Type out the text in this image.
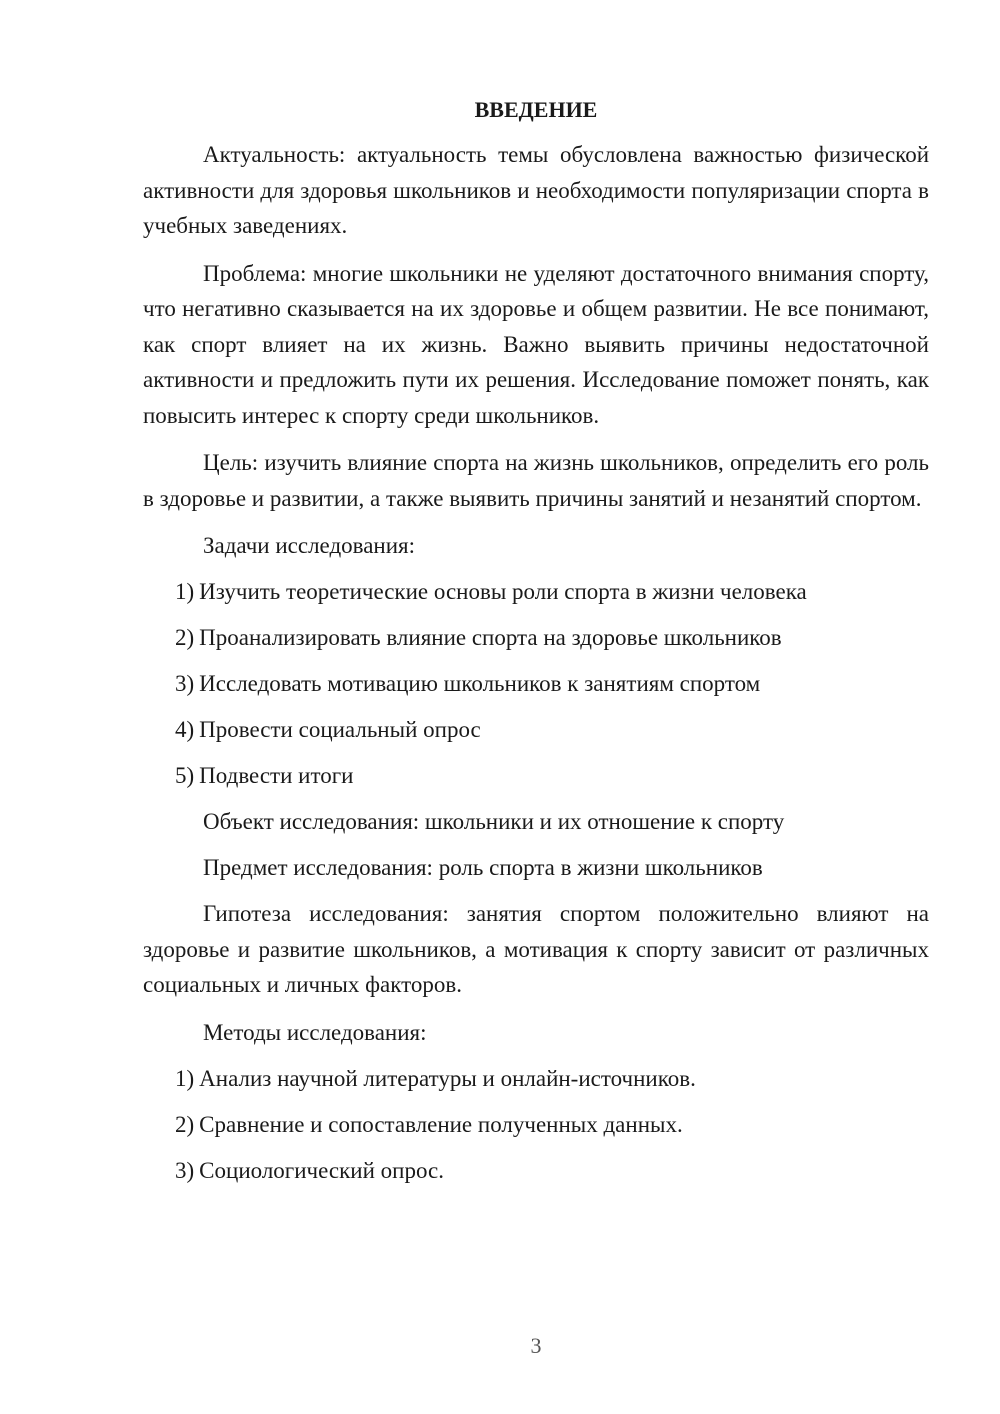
ВВЕДЕНИЕ

Актуальность: актуальность темы обусловлена важностью физической активности для здоровья школьников и необходимости популяризации спорта в учебных заведениях.

Проблема: многие школьники не уделяют достаточного внимания спорту, что негативно сказывается на их здоровье и общем развитии. Не все понимают, как спорт влияет на их жизнь. Важно выявить причины недостаточной активности и предложить пути их решения. Исследование поможет понять, как повысить интерес к спорту среди школьников.

Цель: изучить влияние спорта на жизнь школьников, определить его роль в здоровье и развитии, а также выявить причины занятий и незанятий спортом.

Задачи исследования:
1) Изучить теоретические основы роли спорта в жизни человека
2) Проанализировать влияние спорта на здоровье школьников
3) Исследовать мотивацию школьников к занятиям спортом
4) Провести социальный опрос
5) Подвести итоги
Объект исследования: школьники и их отношение к спорту
Предмет исследования: роль спорта в жизни школьников

Гипотеза исследования: занятия спортом положительно влияют на здоровье и развитие школьников, а мотивация к спорту зависит от различных социальных и личных факторов.

Методы исследования:
1) Анализ научной литературы и онлайн-источников.
2) Сравнение и сопоставление полученных данных.
3) Социологический опрос.
3
